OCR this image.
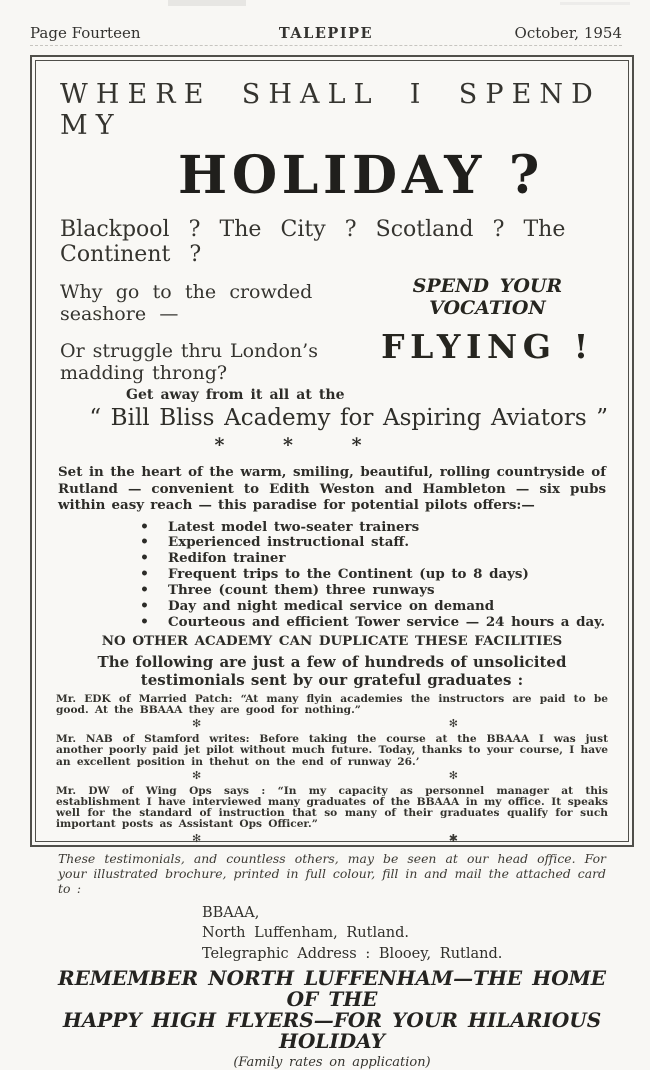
Page Fourteen	TALEPIPE	October, 1954
WHERE SHALL I SPEND MY
HOLIDAY ?
Blackpool ? The City ? Scotland ? The Continent ?
Why go to the crowded seashore —
Or struggle thru London’s madding throng?
SPEND YOUR VOCATION
FLYING !
Get away from it all at the
“ Bill Bliss Academy for Aspiring Aviators ”
*	*	*
Set in the heart of the warm, smiling, beautiful, rolling countryside of Rutland — convenient to Edith Weston and Hambleton — six pubs within easy reach — this paradise for potential pilots offers:—
• Latest model two-seater trainers
• Experienced instructional staff.
• Redifon trainer
• Frequent trips to the Continent (up to 8 days)
• Three (count them) three runways
• Day and night medical service on demand
• Courteous and efficient Tower service — 24 hours a day.
NO OTHER ACADEMY CAN DUPLICATE THESE FACILITIES
The following are just a few of hundreds of unsolicited testimonials sent by our grateful graduates :
Mr. EDK of Married Patch: “At many flyin academies the instructors are paid to be good. At the BBAAA they are good for nothing.”
✻	✻
Mr. NAB of Stamford writes: Before taking the course at the BBAAA I was just another poorly paid jet pilot without much future. Today, thanks to your course, I have an excellent position in thehut on the end of runway 26.’
✻	✻
Mr. DW of Wing Ops says : “In my capacity as personnel manager at this establishment I have interviewed many graduates of the BBAAA in my office. It speaks well for the standard of instruction that so many of their graduates qualify for such important posts as Assistant Ops Officer.”
✻	✱
These testimonials, and countless others, may be seen at our head office. For your illustrated brochure, printed in full colour, fill in and mail the attached card to :
BBAAA,
North Luffenham, Rutland.
Telegraphic Address : Blooey, Rutland.
REMEMBER NORTH LUFFENHAM—THE HOME OF THE
HAPPY HIGH FLYERS—FOR YOUR HILARIOUS HOLIDAY
(Family rates on application)
